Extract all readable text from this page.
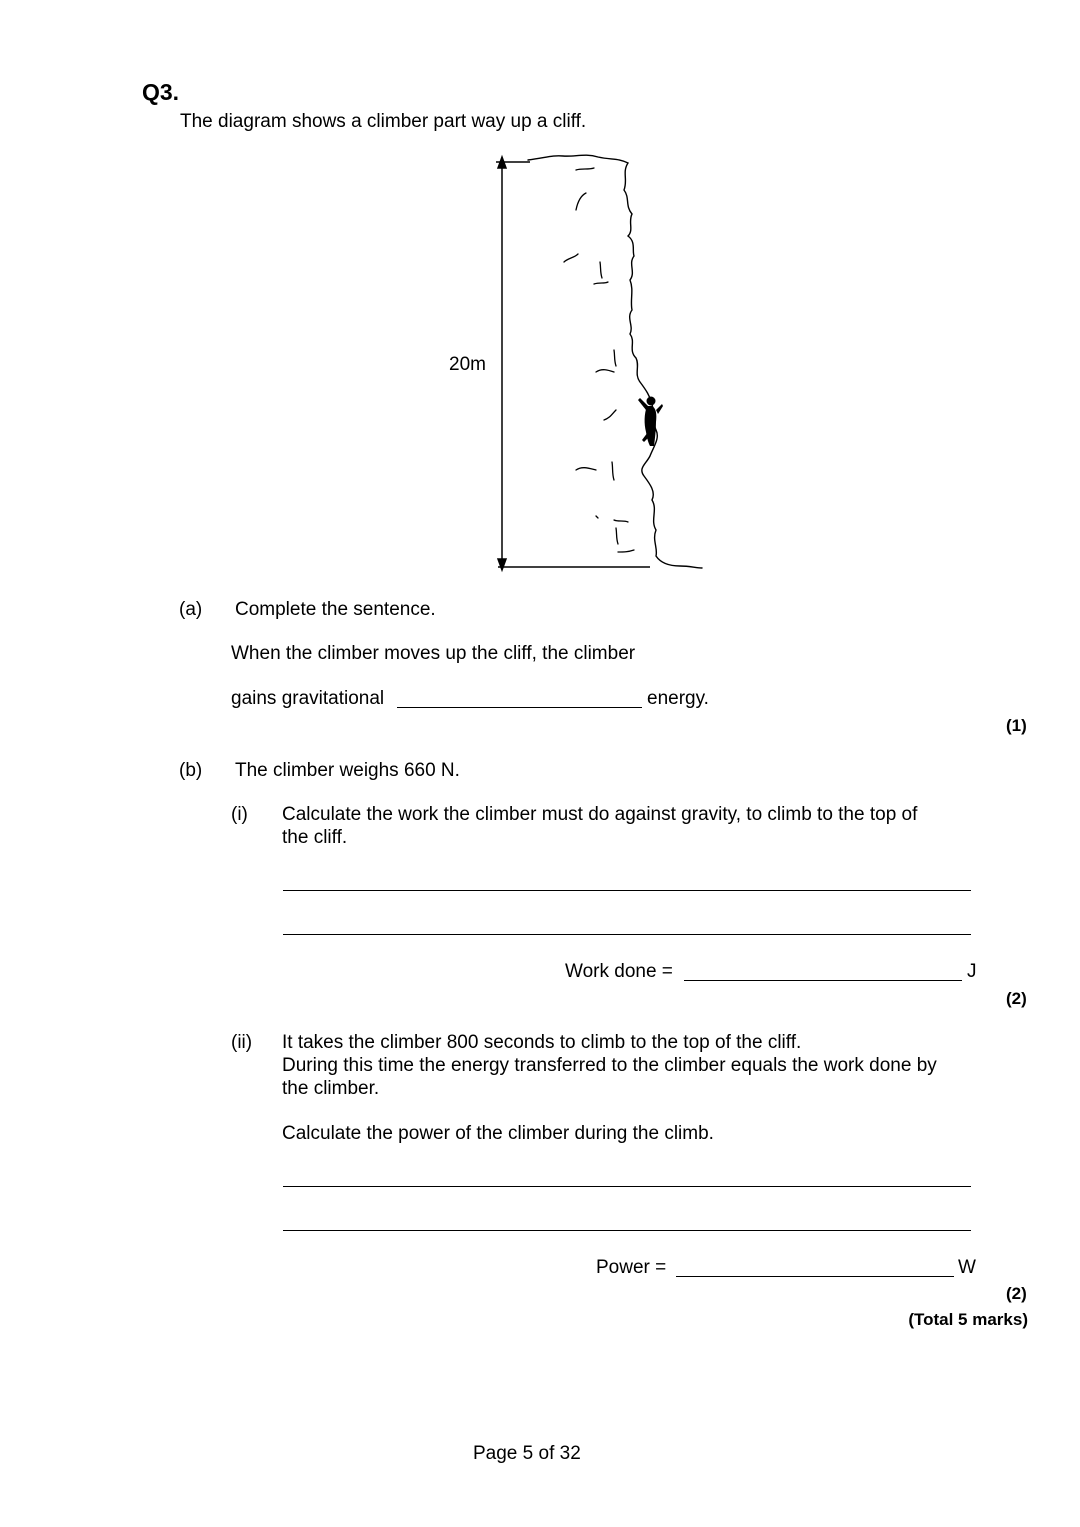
Q3.
The diagram shows a climber part way up a cliff.
20m
(a) Complete the sentence.
When the climber moves up the cliff, the climber
gains gravitational	energy.
(1)
(b) The climber weighs 660 N.
(i) Calculate the work the climber must do against gravity, to climb to the top of
the cliff.
Work done =	J
(2)
(ii) It takes the climber 800 seconds to climb to the top of the cliff.
During this time the energy transferred to the climber equals the work done by
the climber.
Calculate the power of the climber during the climb.
Power =	W
(2)
(Total 5 marks)
Page 5 of 32
